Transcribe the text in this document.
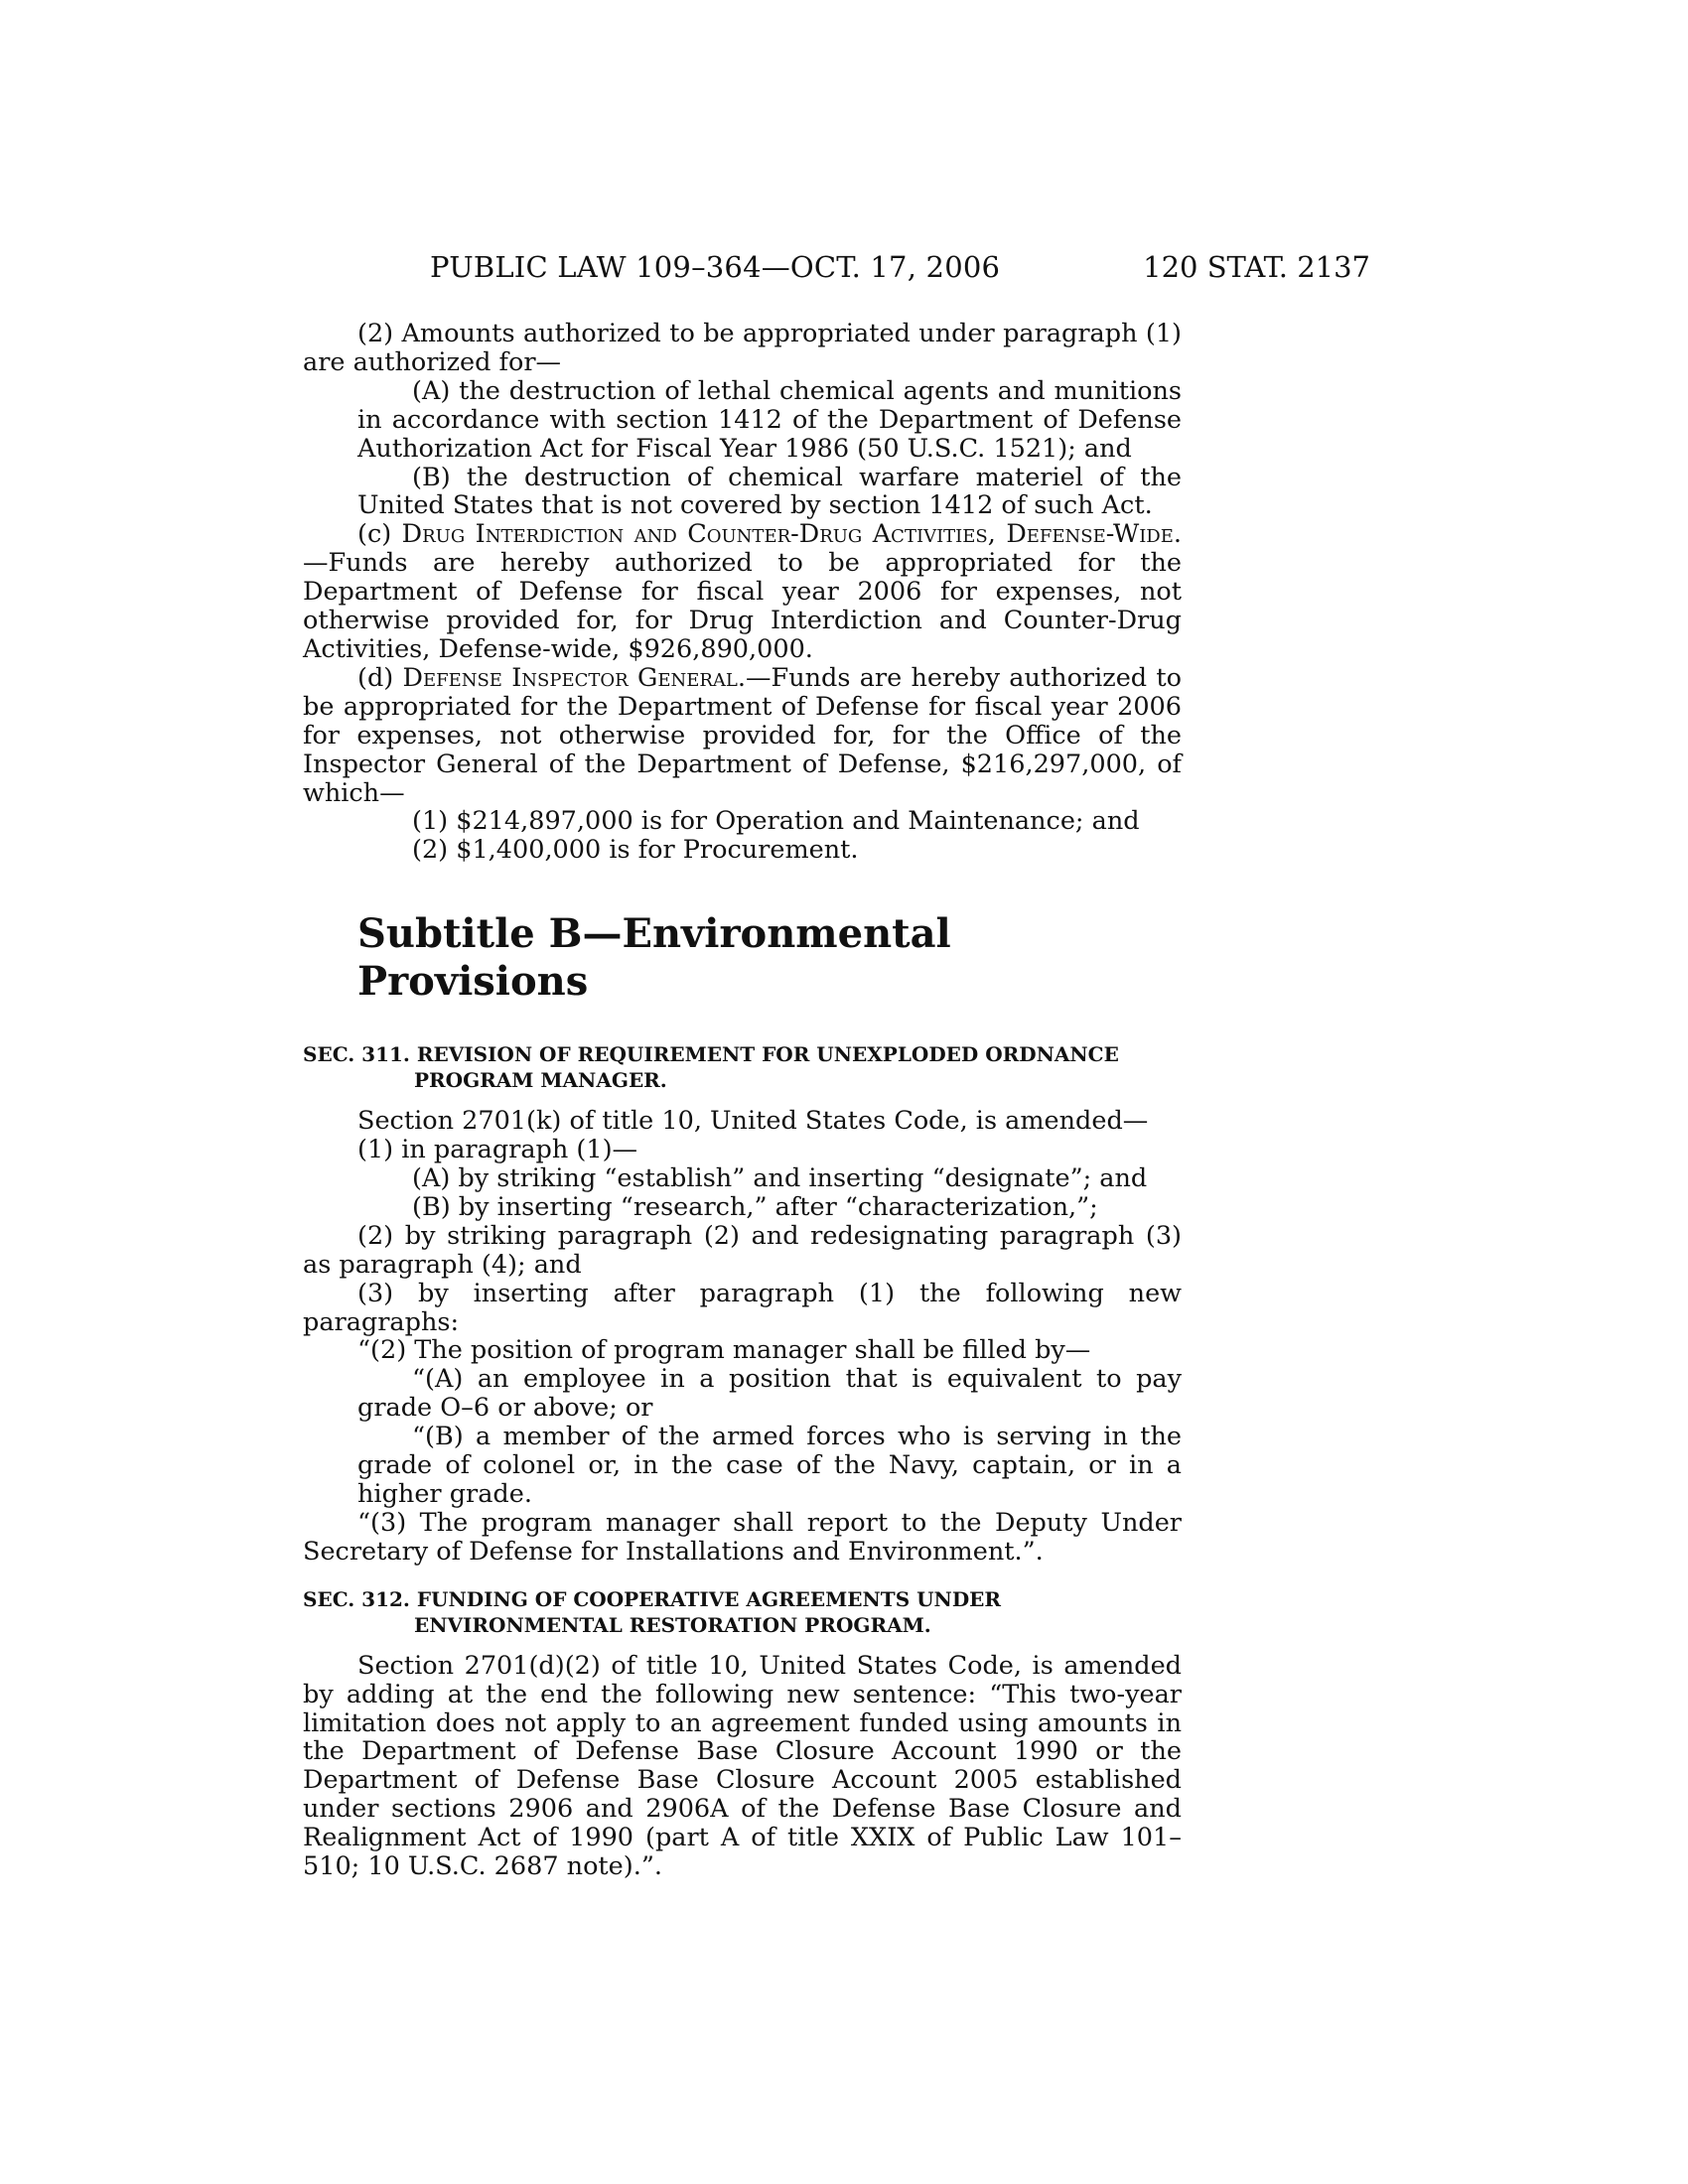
PUBLIC LAW 109–364—OCT. 17, 2006	120 STAT. 2137

(2) Amounts authorized to be appropriated under paragraph (1) are authorized for—

(A) the destruction of lethal chemical agents and munitions in accordance with section 1412 of the Department of Defense Authorization Act for Fiscal Year 1986 (50 U.S.C. 1521); and

(B) the destruction of chemical warfare materiel of the United States that is not covered by section 1412 of such Act.

(c) Drug Interdiction and Counter-Drug Activities, Defense-Wide.—Funds are hereby authorized to be appropriated for the Department of Defense for fiscal year 2006 for expenses, not otherwise provided for, for Drug Interdiction and Counter-Drug Activities, Defense-wide, $926,890,000.

(d) Defense Inspector General.—Funds are hereby authorized to be appropriated for the Department of Defense for fiscal year 2006 for expenses, not otherwise provided for, for the Office of the Inspector General of the Department of Defense, $216,297,000, of which—

(1) $214,897,000 is for Operation and Maintenance; and

(2) $1,400,000 is for Procurement.

Subtitle B—Environmental Provisions
SEC. 311. REVISION OF REQUIREMENT FOR UNEXPLODED ORDNANCE PROGRAM MANAGER.

Section 2701(k) of title 10, United States Code, is amended—

(1) in paragraph (1)—

(A) by striking “establish” and inserting “designate”; and

(B) by inserting “research,” after “characterization,”;

(2) by striking paragraph (2) and redesignating paragraph (3) as paragraph (4); and

(3) by inserting after paragraph (1) the following new paragraphs:

“(2) The position of program manager shall be filled by—

“(A) an employee in a position that is equivalent to pay grade O–6 or above; or

“(B) a member of the armed forces who is serving in the grade of colonel or, in the case of the Navy, captain, or in a higher grade.

“(3) The program manager shall report to the Deputy Under Secretary of Defense for Installations and Environment.”.

SEC. 312. FUNDING OF COOPERATIVE AGREEMENTS UNDER ENVIRONMENTAL RESTORATION PROGRAM.

Section 2701(d)(2) of title 10, United States Code, is amended by adding at the end the following new sentence: “This two-year limitation does not apply to an agreement funded using amounts in the Department of Defense Base Closure Account 1990 or the Department of Defense Base Closure Account 2005 established under sections 2906 and 2906A of the Defense Base Closure and Realignment Act of 1990 (part A of title XXIX of Public Law 101–510; 10 U.S.C. 2687 note).”.
